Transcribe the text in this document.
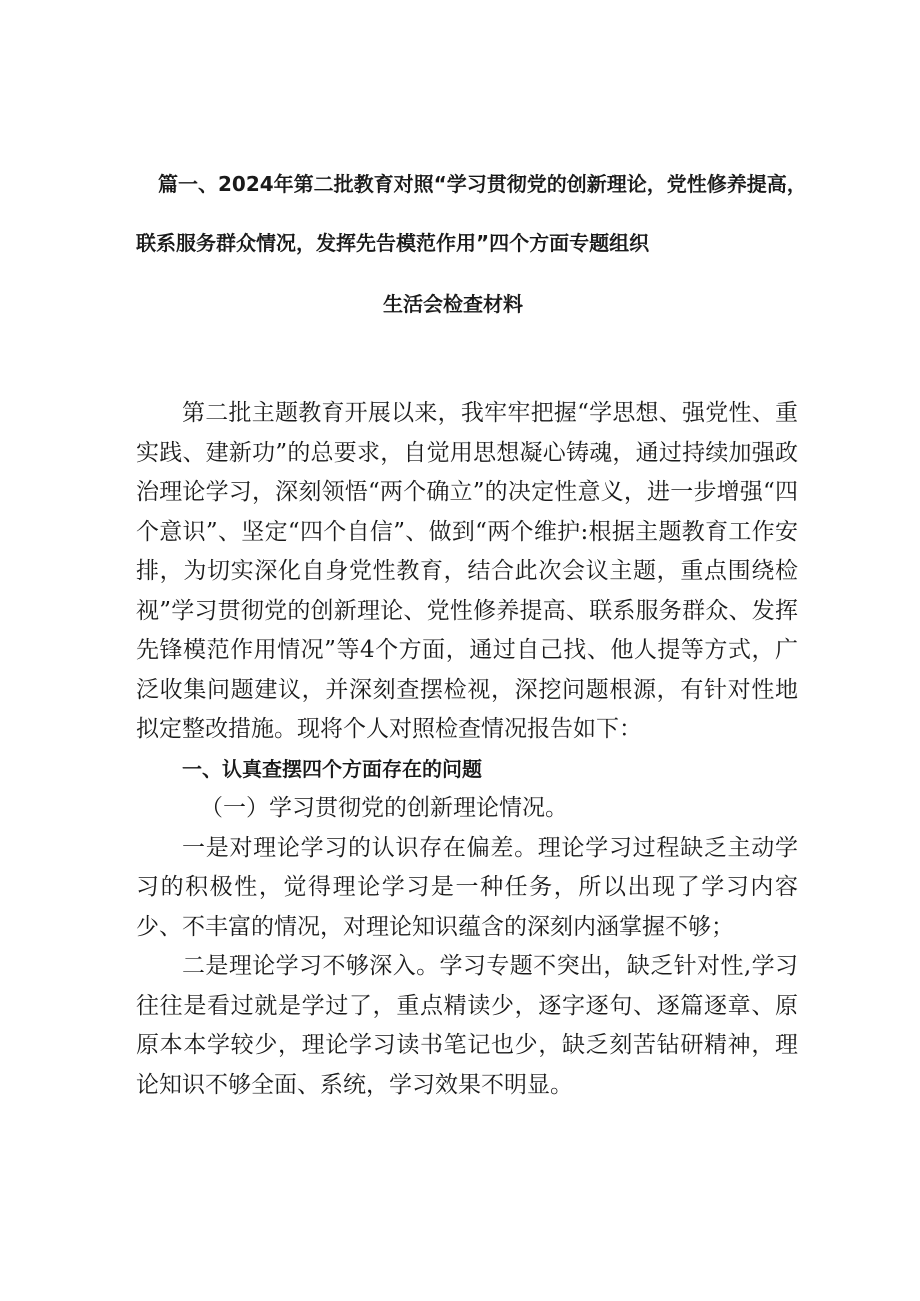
篇一、2024年第二批教育对照“学习贯彻党的创新理论，党性修养提高，
联系服务群众情况，发挥先告模范作用”四个方面专题组织
生活会检查材料

第二批主题教育开展以来，我牢牢把握“学思想、强党性、重实践、建新功”的总要求，自觉用思想凝心铸魂，通过持续加强政治理论学习，深刻领悟“两个确立”的决定性意义，进一步增强“四个意识”、坚定“四个自信”、做到“两个维护:根据主题教育工作安排，为切实深化自身党性教育，结合此次会议主题，重点围绕检视”学习贯彻党的创新理论、党性修养提高、联系服务群众、发挥先锋模范作用情况”等4个方面，通过自己找、他人提等方式，广泛收集问题建议，并深刻查摆检视，深挖问题根源，有针对性地拟定整改措施。现将个人对照检查情况报告如下：

一、认真查摆四个方面存在的问题

（一）学习贯彻党的创新理论情况。

一是对理论学习的认识存在偏差。理论学习过程缺乏主动学习的积极性，觉得理论学习是一种任务，所以出现了学习内容少、不丰富的情况，对理论知识蕴含的深刻内涵掌握不够；

二是理论学习不够深入。学习专题不突出，缺乏针对性,学习往往是看过就是学过了，重点精读少，逐字逐句、逐篇逐章、原原本本学较少，理论学习读书笔记也少，缺乏刻苦钻研精神，理论知识不够全面、系统，学习效果不明显。
